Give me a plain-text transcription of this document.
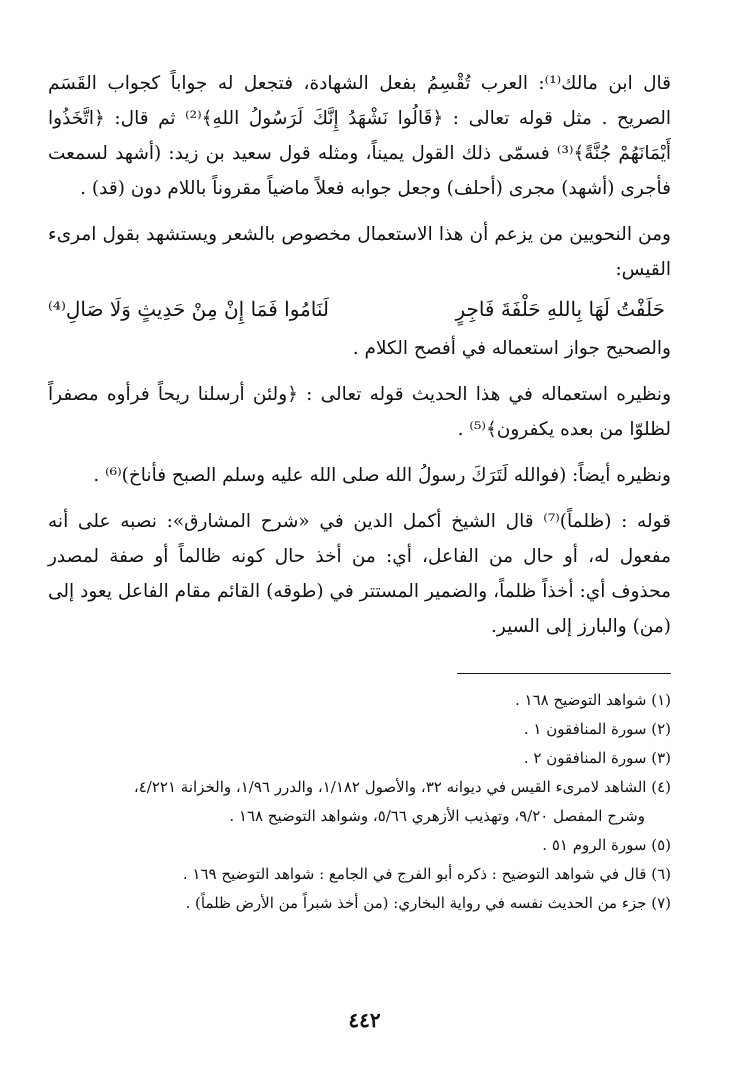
قال ابن مالك⁽¹⁾: العرب تُقْسِمُ بفعل الشهادة، فتجعل له جواباً كجواب القَسَم الصريح . مثل قوله تعالى : ﴿قَالُوا نَشْهَدُ إِنَّكَ لَرَسُولُ اللهِ﴾⁽²⁾ ثم قال: ﴿اتَّخَذُوا أَيْمَانَهُمْ جُنَّةً﴾⁽³⁾ فسمّى ذلك القول يميناً، ومثله قول سعيد بن زيد: (أشهد لسمعت فأجرى (أشهد) مجرى (أحلف) وجعل جوابه فعلاً ماضياً مقروناً باللام دون (قد) .

ومن النحويين من يزعم أن هذا الاستعمال مخصوص بالشعر ويستشهد بقول امرىء القيس:

حَلَفْتُ لَهَا بِاللهِ حَلْفَةَ فَاجِرٍ
لَنَامُوا فَمَا إِنْ مِنْ حَدِيثٍ وَلَا صَالِ⁽⁴⁾

والصحيح جواز استعماله في أفصح الكلام .

ونظيره استعماله في هذا الحديث قوله تعالى : ﴿ولئن أرسلنا ريحاً فرأوه مصفراً لظلوّا من بعده يكفرون﴾⁽⁵⁾ .

ونظيره أيضاً: (فوالله لَتَرَكَ رسولُ الله صلى الله عليه وسلم الصبح فأناخ)⁽⁶⁾ .

قوله : (ظلماً)⁽⁷⁾ قال الشيخ أكمل الدين في «شرح المشارق»: نصبه على أنه مفعول له، أو حال من الفاعل، أي: من أخذ حال كونه ظالماً أو صفة لمصدر محذوف أي: أخذاً ظلماً، والضمير المستتر في (طوقه) القائم مقام الفاعل يعود إلى (من) والبارز إلى السير.

(١) شواهد التوضيح ١٦٨ .
(٢) سورة المنافقون ١ .
(٣) سورة المنافقون ٢ .
(٤) الشاهد لامرىء القيس في ديوانه ٣٢، والأصول ١/١٨٢، والدرر ١/٩٦، والخزانة ٤/٢٢١،
وشرح المفصل ٩/٢٠، وتهذيب الأزهري ٥/٦٦، وشواهد التوضيح ١٦٨ .
(٥) سورة الروم ٥١ .
(٦) قال في شواهد التوضيح : ذكره أبو الفرج في الجامع : شواهد التوضيح ١٦٩ .
(٧) جزء من الحديث نفسه في رواية البخاري: (من أخذ شبراً من الأرض ظلماً) .
٤٤٢
